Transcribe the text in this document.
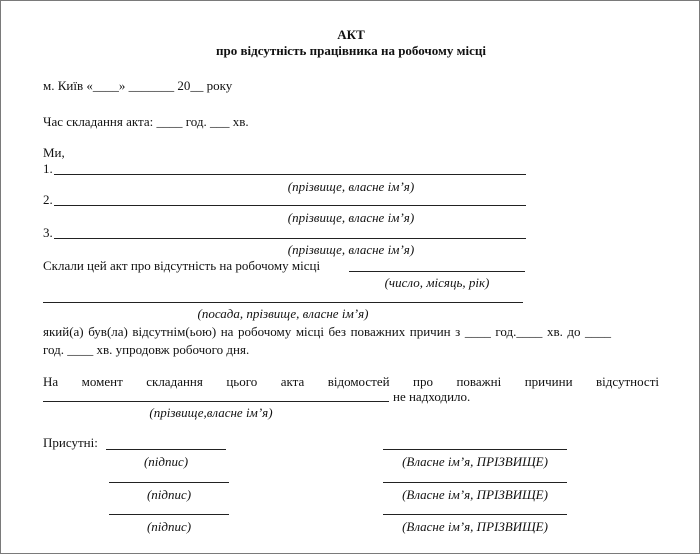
АКТ
про відсутність працівника на робочому місці
м. Київ «____» _______ 20__ року
Час складання акта: ____ год. ___ хв.
Ми,
1.
(прізвище, власне ім’я)
2.
(прізвище, власне ім’я)
3.
(прізвище, власне ім’я)
Склали цей акт про відсутність на робочому місці
(число, місяць, рік)
(посада, прізвище, власне ім’я)
який(а) був(ла) відсутнім(ьою) на робочому місці без поважних причин з ____ год.____ хв. до ____
год. ____ хв. упродовж робочого дня.
На момент складання цього акта відомостей про поважні причини відсутності
не надходило.
(прізвище,власне ім’я)
Присутні:
(підпис)	(Власне ім’я, ПРІЗВИЩЕ)
(підпис)	(Власне ім’я, ПРІЗВИЩЕ)
(підпис)	(Власне ім’я, ПРІЗВИЩЕ)
